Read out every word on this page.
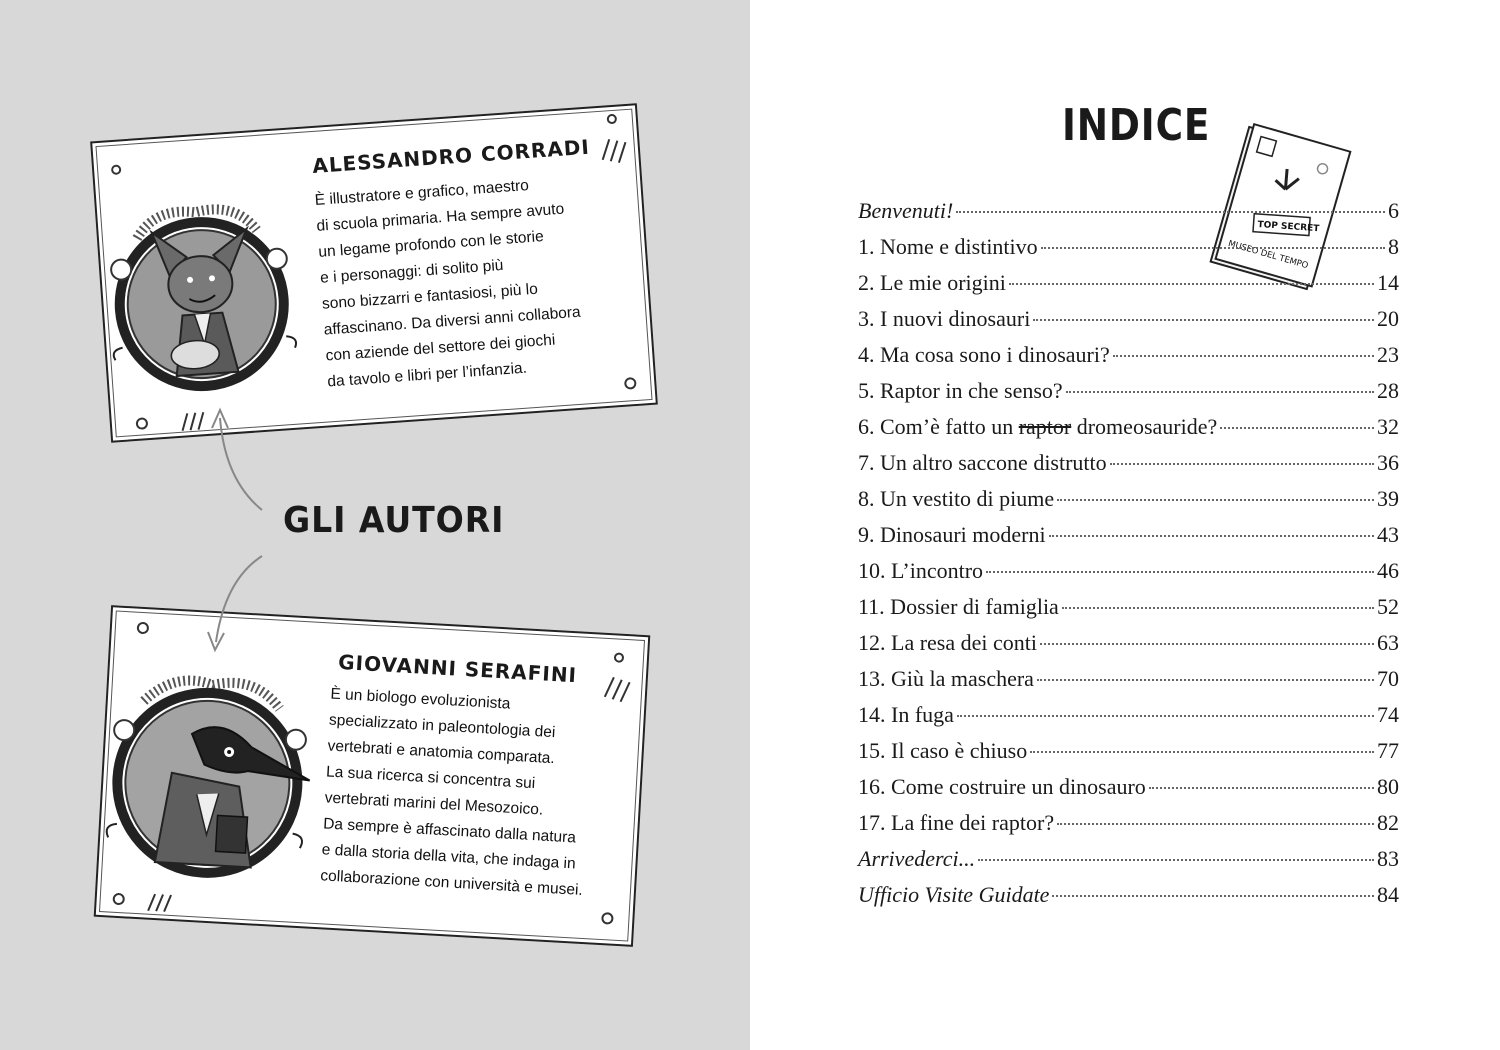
ALESSANDRO CORRADI
È illustratore e grafico, maestro
di scuola primaria. Ha sempre avuto
un legame profondo con le storie
e i personaggi: di solito più
sono bizzarri e fantasiosi, più lo
affascinano. Da diversi anni collabora
con aziende del settore dei giochi
da tavolo e libri per l’infanzia.
GIOVANNI SERAFINI
È un biologo evoluzionista
specializzato in paleontologia dei
vertebrati e anatomia comparata.
La sua ricerca si concentra sui
vertebrati marini del Mesozoico.
Da sempre è affascinato dalla natura
e dalla storia della vita, che indaga in
collaborazione con università e musei.
GLI AUTORI
INDICE
TOP SECRET
MUSEO DEL TEMPO
Benvenuti!	6
1. Nome e distintivo	8
2. Le mie origini	14
3. I nuovi dinosauri	20
4. Ma cosa sono i dinosauri?	23
5. Raptor in che senso?	28
6. Com’è fatto un raptor dromeosauride?	32
7. Un altro saccone distrutto	36
8. Un vestito di piume	39
9. Dinosauri moderni	43
10. L’incontro	46
11. Dossier di famiglia	52
12. La resa dei conti	63
13. Giù la maschera	70
14. In fuga	74
15. Il caso è chiuso	77
16. Come costruire un dinosauro	80
17. La fine dei raptor?	82
Arrivederci...	83
Ufficio Visite Guidate	84
